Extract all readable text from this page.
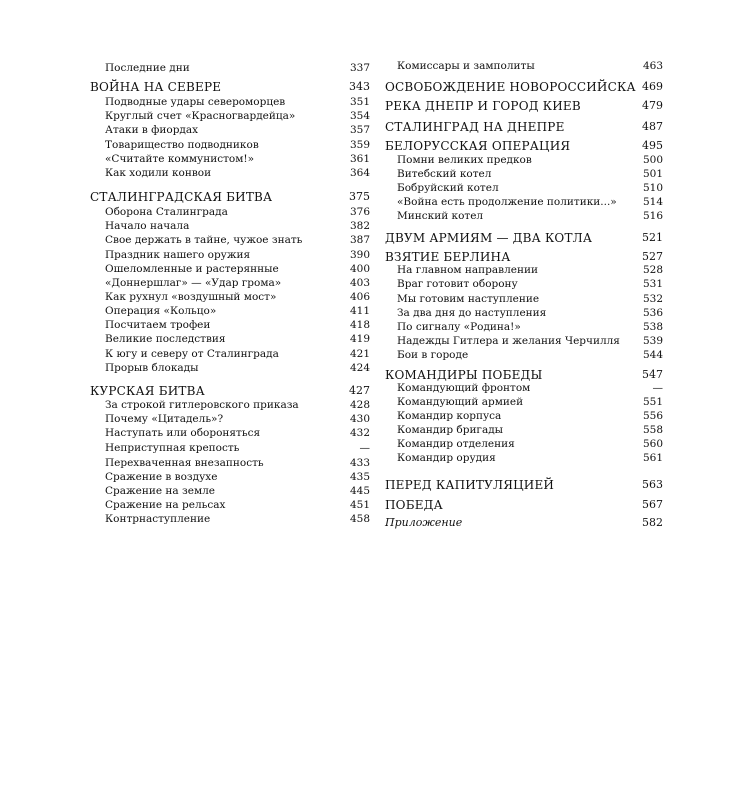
Последние дни	337
ВОЙНА НА СЕВЕРЕ	343
Подводные удары североморцев	351
Круглый счет «Красногвардейца»	354
Атаки в фиордах	357
Товарищество подводников	359
«Считайте коммунистом!»	361
Как ходили конвои	364
СТАЛИНГРАДСКАЯ БИТВА	375
Оборона Сталинграда	376
Начало начала	382
Свое держать в тайне, чужое знать	387
Праздник нашего оружия	390
Ошеломленные и растерянные	400
«Доннершлаг» — «Удар грома»	403
Как рухнул «воздушный мост»	406
Операция «Кольцо»	411
Посчитаем трофеи	418
Великие последствия	419
К югу и северу от Сталинграда	421
Прорыв блокады	424
КУРСКАЯ БИТВА	427
За строкой гитлеровского приказа	428
Почему «Цитадель»?	430
Наступать или обороняться	432
Неприступная крепость	—
Перехваченная внезапность	433
Сражение в воздухе	435
Сражение на земле	445
Сражение на рельсах	451
Контрнаступление	458
Комиссары и замполиты	463
ОСВОБОЖДЕНИЕ НОВОРОССИЙСКА 469
РЕКА ДНЕПР И ГОРОД КИЕВ	479
СТАЛИНГРАД НА ДНЕПРЕ	487
БЕЛОРУССКАЯ ОПЕРАЦИЯ	495
Помни великих предков	500
Витебский котел	501
Бобруйский котел	510
«Война есть продолжение политики...»	514
Минский котел	516
ДВУМ АРМИЯМ — ДВА КОТЛА	521
ВЗЯТИЕ БЕРЛИНА	527
На главном направлении	528
Враг готовит оборону	531
Мы готовим наступление	532
За два дня до наступления	536
По сигналу «Родина!»	538
Надежды Гитлера и желания Черчилля	539
Бои в городе	544
КОМАНДИРЫ ПОБЕДЫ	547
Командующий фронтом	—
Командующий армией	551
Командир корпуса	556
Командир бригады	558
Командир отделения	560
Командир орудия	561
ПЕРЕД КАПИТУЛЯЦИЕЙ	563
ПОБЕДА	567
Приложение	582
